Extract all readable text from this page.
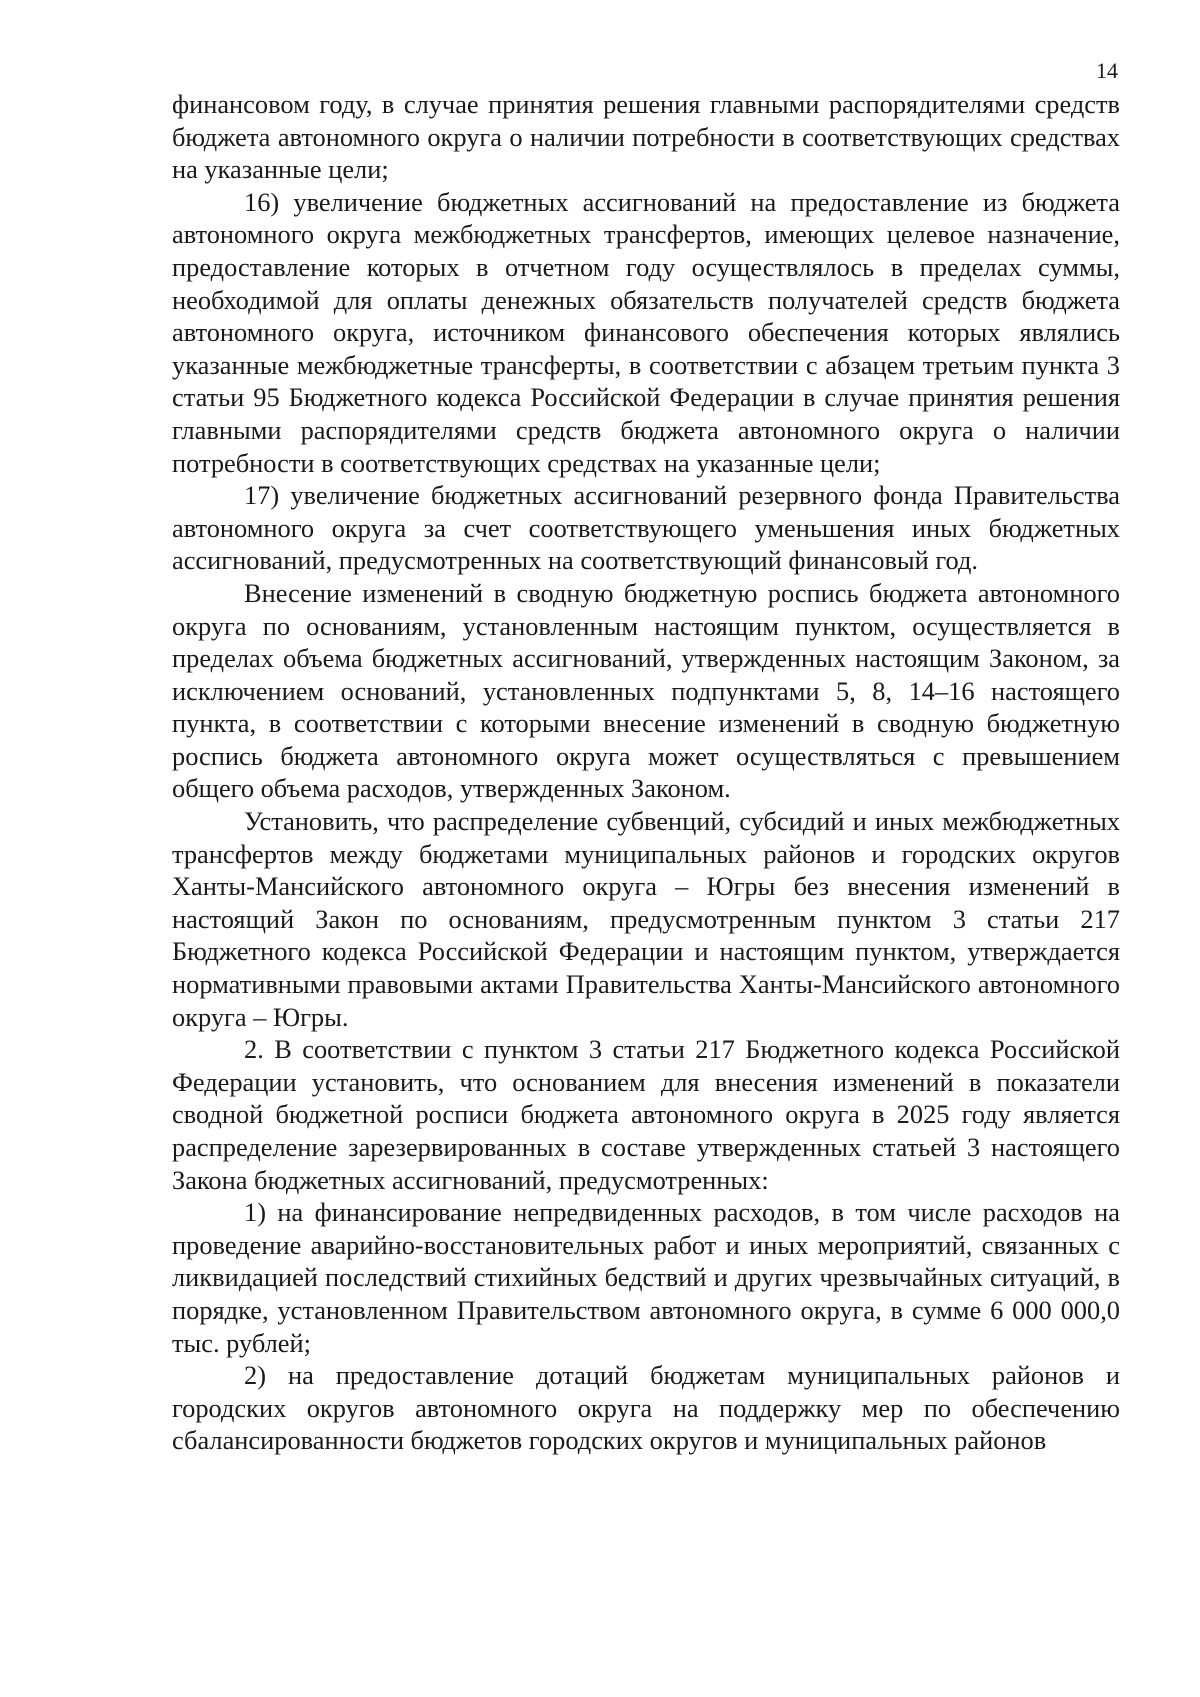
14

финансовом году, в случае принятия решения главными распорядителями средств бюджета автономного округа о наличии потребности в соответствующих средствах на указанные цели;

16) увеличение бюджетных ассигнований на предоставление из бюджета автономного округа межбюджетных трансфертов, имеющих целевое назначение, предоставление которых в отчетном году осуществлялось в пределах суммы, необходимой для оплаты денежных обязательств получателей средств бюджета автономного округа, источником финансового обеспечения которых являлись указанные межбюджетные трансферты, в соответствии с абзацем третьим пункта 3 статьи 95 Бюджетного кодекса Российской Федерации в случае принятия решения главными распорядителями средств бюджета автономного округа о наличии потребности в соответствующих средствах на указанные цели;

17) увеличение бюджетных ассигнований резервного фонда Правительства автономного округа за счет соответствующего уменьшения иных бюджетных ассигнований, предусмотренных на соответствующий финансовый год.

Внесение изменений в сводную бюджетную роспись бюджета автономного округа по основаниям, установленным настоящим пунктом, осуществляется в пределах объема бюджетных ассигнований, утвержденных настоящим Законом, за исключением оснований, установленных подпунктами 5, 8, 14–16 настоящего пункта, в соответствии с которыми внесение изменений в сводную бюджетную роспись бюджета автономного округа может осуществляться с превышением общего объема расходов, утвержденных Законом.

Установить, что распределение субвенций, субсидий и иных межбюджетных трансфертов между бюджетами муниципальных районов и городских округов Ханты-Мансийского автономного округа – Югры без внесения изменений в настоящий Закон по основаниям, предусмотренным пунктом 3 статьи 217 Бюджетного кодекса Российской Федерации и настоящим пунктом, утверждается нормативными правовыми актами Правительства Ханты-Мансийского автономного округа – Югры.

2. В соответствии с пунктом 3 статьи 217 Бюджетного кодекса Российской Федерации установить, что основанием для внесения изменений в показатели сводной бюджетной росписи бюджета автономного округа в 2025 году является распределение зарезервированных в составе утвержденных статьей 3 настоящего Закона бюджетных ассигнований, предусмотренных:

1) на финансирование непредвиденных расходов, в том числе расходов на проведение аварийно-восстановительных работ и иных мероприятий, связанных с ликвидацией последствий стихийных бедствий и других чрезвычайных ситуаций, в порядке, установленном Правительством автономного округа, в сумме 6 000 000,0 тыс. рублей;

2) на предоставление дотаций бюджетам муниципальных районов и городских округов автономного округа на поддержку мер по обеспечению сбалансированности бюджетов городских округов и муниципальных районов
